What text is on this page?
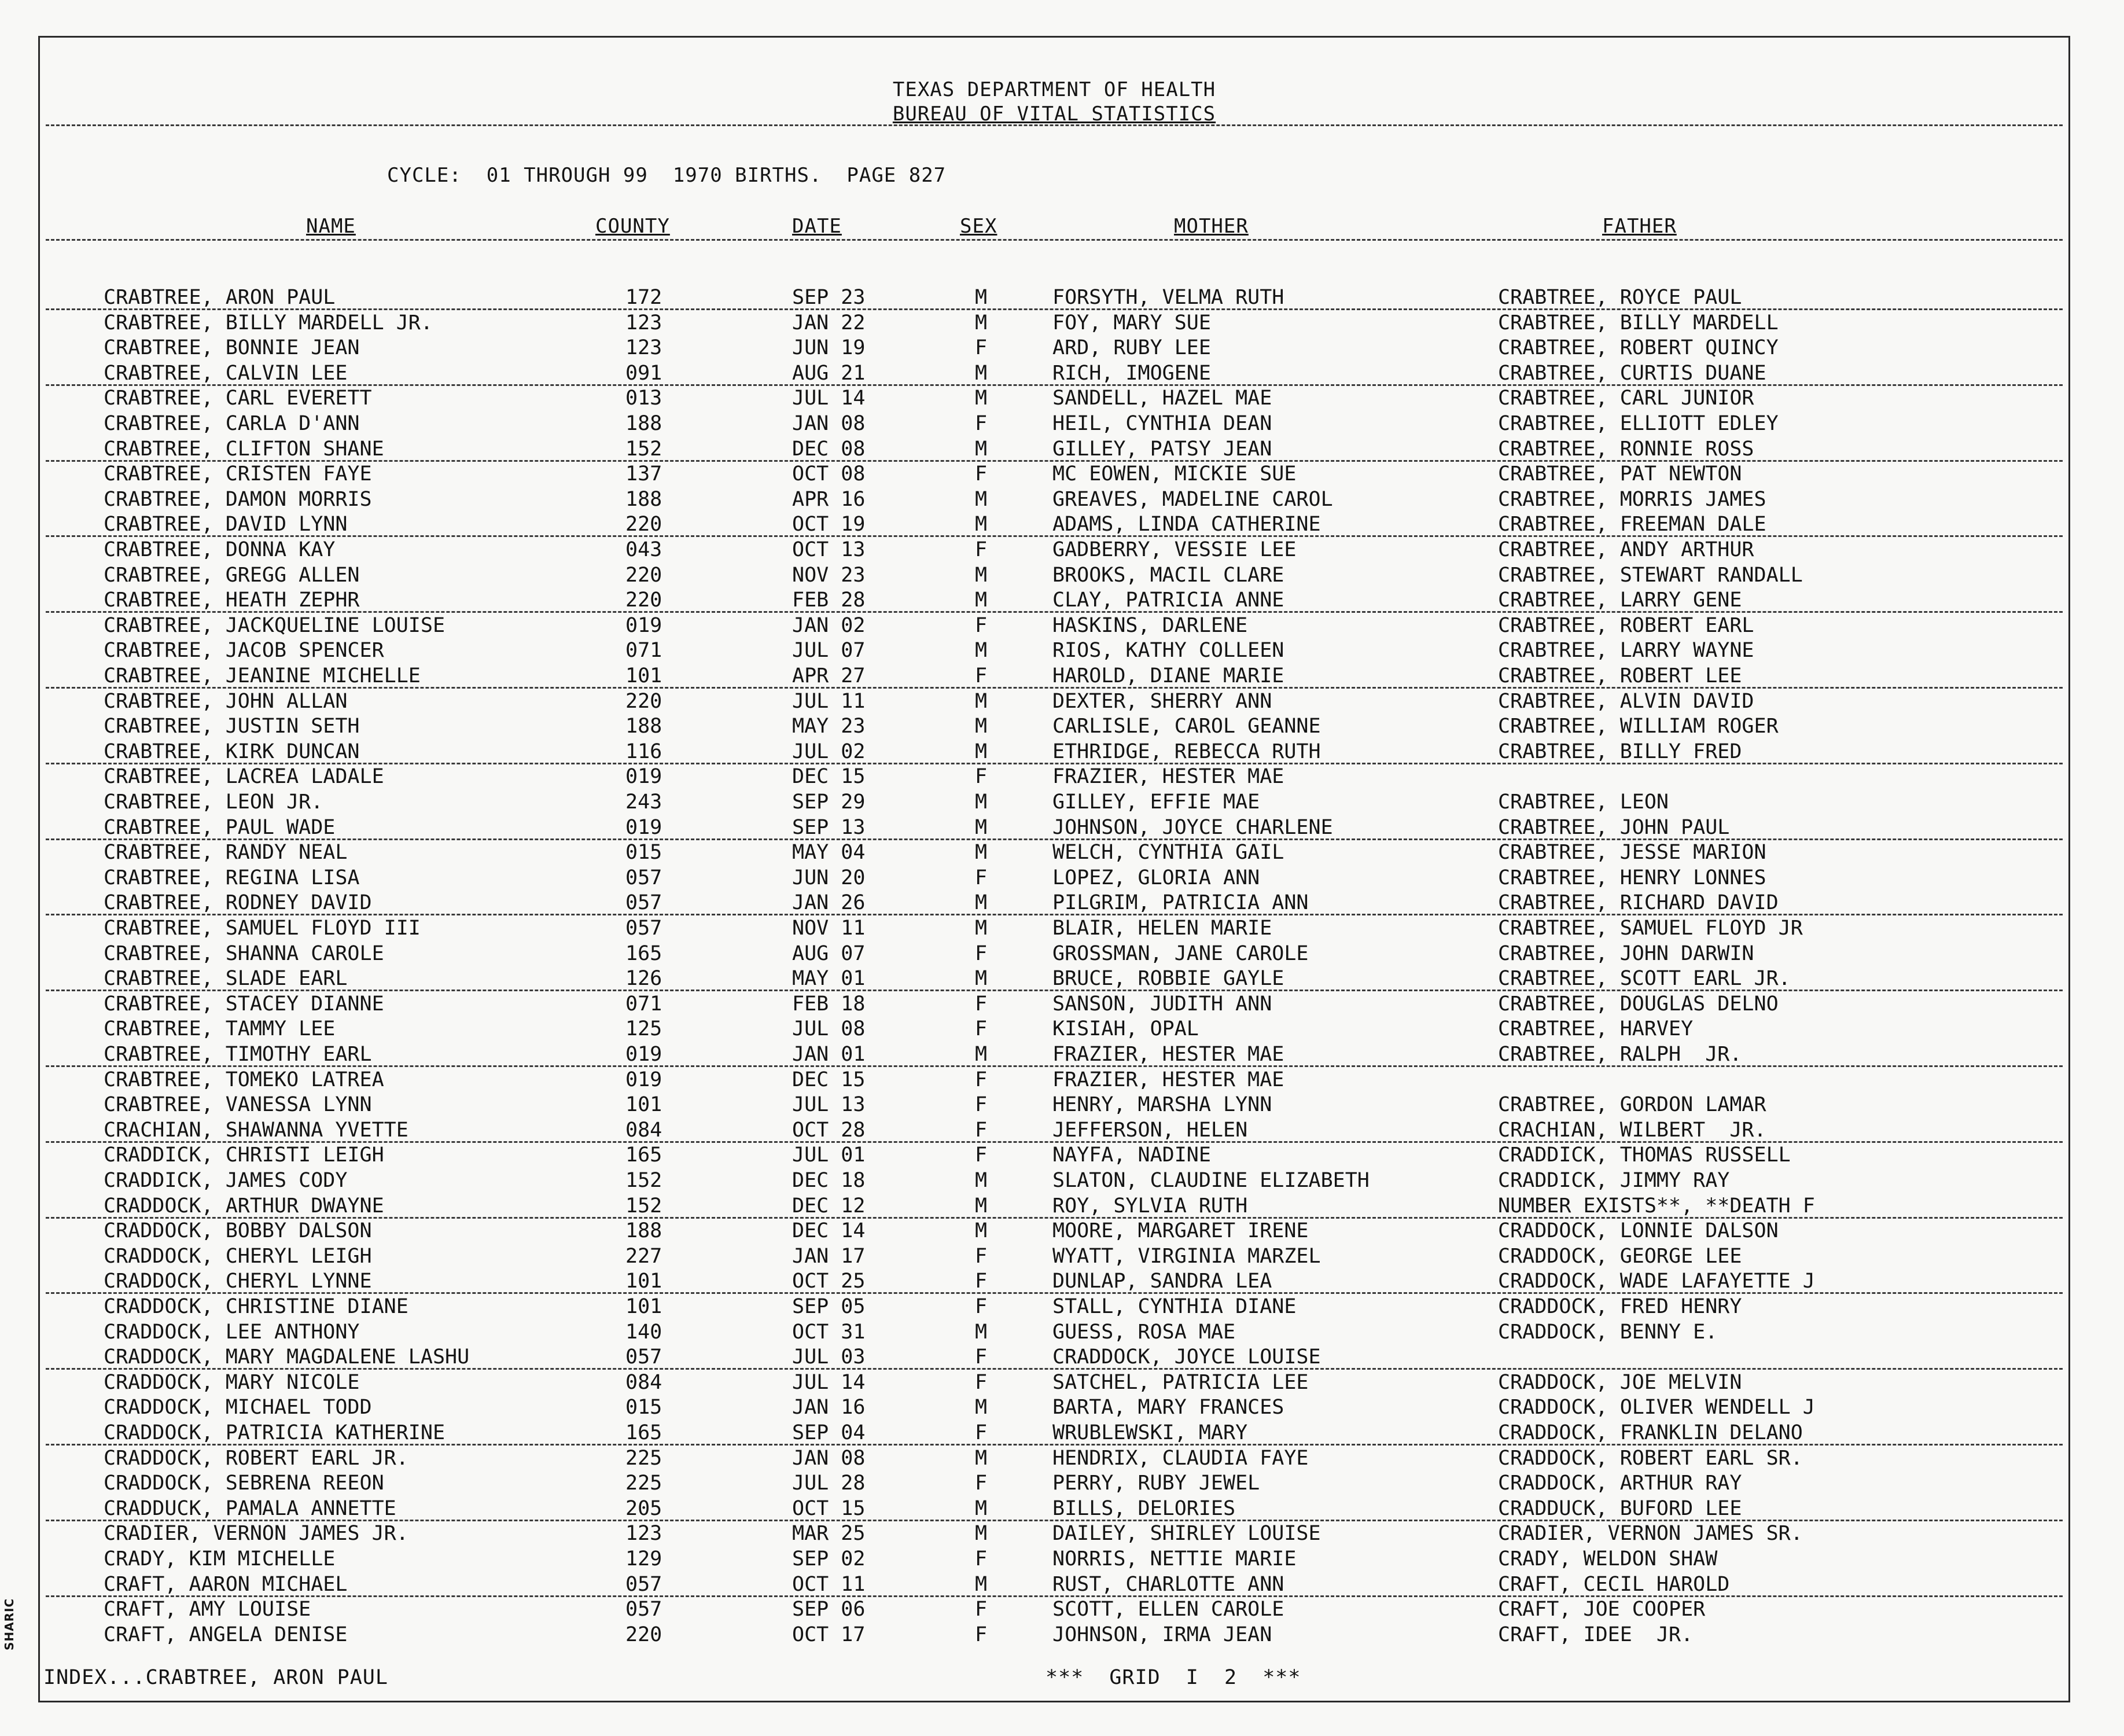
TEXAS DEPARTMENT OF HEALTH
BUREAU OF VITAL STATISTICS
CYCLE:  01 THROUGH 99  1970 BIRTHS.  PAGE 827
NAME	COUNTY	DATE	SEX	MOTHER	FATHER
CRABTREE, ARON PAUL	172	SEP 23	M	FORSYTH, VELMA RUTH	CRABTREE, ROYCE PAUL
CRABTREE, BILLY MARDELL JR.	123	JAN 22	M	FOY, MARY SUE	CRABTREE, BILLY MARDELL
CRABTREE, BONNIE JEAN	123	JUN 19	F	ARD, RUBY LEE	CRABTREE, ROBERT QUINCY
CRABTREE, CALVIN LEE	091	AUG 21	M	RICH, IMOGENE	CRABTREE, CURTIS DUANE
CRABTREE, CARL EVERETT	013	JUL 14	M	SANDELL, HAZEL MAE	CRABTREE, CARL JUNIOR
CRABTREE, CARLA D'ANN	188	JAN 08	F	HEIL, CYNTHIA DEAN	CRABTREE, ELLIOTT EDLEY
CRABTREE, CLIFTON SHANE	152	DEC 08	M	GILLEY, PATSY JEAN	CRABTREE, RONNIE ROSS
CRABTREE, CRISTEN FAYE	137	OCT 08	F	MC EOWEN, MICKIE SUE	CRABTREE, PAT NEWTON
CRABTREE, DAMON MORRIS	188	APR 16	M	GREAVES, MADELINE CAROL	CRABTREE, MORRIS JAMES
CRABTREE, DAVID LYNN	220	OCT 19	M	ADAMS, LINDA CATHERINE	CRABTREE, FREEMAN DALE
CRABTREE, DONNA KAY	043	OCT 13	F	GADBERRY, VESSIE LEE	CRABTREE, ANDY ARTHUR
CRABTREE, GREGG ALLEN	220	NOV 23	M	BROOKS, MACIL CLARE	CRABTREE, STEWART RANDALL
CRABTREE, HEATH ZEPHR	220	FEB 28	M	CLAY, PATRICIA ANNE	CRABTREE, LARRY GENE
CRABTREE, JACKQUELINE LOUISE	019	JAN 02	F	HASKINS, DARLENE	CRABTREE, ROBERT EARL
CRABTREE, JACOB SPENCER	071	JUL 07	M	RIOS, KATHY COLLEEN	CRABTREE, LARRY WAYNE
CRABTREE, JEANINE MICHELLE	101	APR 27	F	HAROLD, DIANE MARIE	CRABTREE, ROBERT LEE
CRABTREE, JOHN ALLAN	220	JUL 11	M	DEXTER, SHERRY ANN	CRABTREE, ALVIN DAVID
CRABTREE, JUSTIN SETH	188	MAY 23	M	CARLISLE, CAROL GEANNE	CRABTREE, WILLIAM ROGER
CRABTREE, KIRK DUNCAN	116	JUL 02	M	ETHRIDGE, REBECCA RUTH	CRABTREE, BILLY FRED
CRABTREE, LACREA LADALE	019	DEC 15	F	FRAZIER, HESTER MAE
CRABTREE, LEON JR.	243	SEP 29	M	GILLEY, EFFIE MAE	CRABTREE, LEON
CRABTREE, PAUL WADE	019	SEP 13	M	JOHNSON, JOYCE CHARLENE	CRABTREE, JOHN PAUL
CRABTREE, RANDY NEAL	015	MAY 04	M	WELCH, CYNTHIA GAIL	CRABTREE, JESSE MARION
CRABTREE, REGINA LISA	057	JUN 20	F	LOPEZ, GLORIA ANN	CRABTREE, HENRY LONNES
CRABTREE, RODNEY DAVID	057	JAN 26	M	PILGRIM, PATRICIA ANN	CRABTREE, RICHARD DAVID
CRABTREE, SAMUEL FLOYD III	057	NOV 11	M	BLAIR, HELEN MARIE	CRABTREE, SAMUEL FLOYD JR
CRABTREE, SHANNA CAROLE	165	AUG 07	F	GROSSMAN, JANE CAROLE	CRABTREE, JOHN DARWIN
CRABTREE, SLADE EARL	126	MAY 01	M	BRUCE, ROBBIE GAYLE	CRABTREE, SCOTT EARL JR.
CRABTREE, STACEY DIANNE	071	FEB 18	F	SANSON, JUDITH ANN	CRABTREE, DOUGLAS DELNO
CRABTREE, TAMMY LEE	125	JUL 08	F	KISIAH, OPAL	CRABTREE, HARVEY
CRABTREE, TIMOTHY EARL	019	JAN 01	M	FRAZIER, HESTER MAE	CRABTREE, RALPH  JR.
CRABTREE, TOMEKO LATREA	019	DEC 15	F	FRAZIER, HESTER MAE
CRABTREE, VANESSA LYNN	101	JUL 13	F	HENRY, MARSHA LYNN	CRABTREE, GORDON LAMAR
CRACHIAN, SHAWANNA YVETTE	084	OCT 28	F	JEFFERSON, HELEN	CRACHIAN, WILBERT  JR.
CRADDICK, CHRISTI LEIGH	165	JUL 01	F	NAYFA, NADINE	CRADDICK, THOMAS RUSSELL
CRADDICK, JAMES CODY	152	DEC 18	M	SLATON, CLAUDINE ELIZABETH	CRADDICK, JIMMY RAY
CRADDOCK, ARTHUR DWAYNE	152	DEC 12	M	ROY, SYLVIA RUTH	NUMBER EXISTS**, **DEATH F
CRADDOCK, BOBBY DALSON	188	DEC 14	M	MOORE, MARGARET IRENE	CRADDOCK, LONNIE DALSON
CRADDOCK, CHERYL LEIGH	227	JAN 17	F	WYATT, VIRGINIA MARZEL	CRADDOCK, GEORGE LEE
CRADDOCK, CHERYL LYNNE	101	OCT 25	F	DUNLAP, SANDRA LEA	CRADDOCK, WADE LAFAYETTE J
CRADDOCK, CHRISTINE DIANE	101	SEP 05	F	STALL, CYNTHIA DIANE	CRADDOCK, FRED HENRY
CRADDOCK, LEE ANTHONY	140	OCT 31	M	GUESS, ROSA MAE	CRADDOCK, BENNY E.
CRADDOCK, MARY MAGDALENE LASHU	057	JUL 03	F	CRADDOCK, JOYCE LOUISE
CRADDOCK, MARY NICOLE	084	JUL 14	F	SATCHEL, PATRICIA LEE	CRADDOCK, JOE MELVIN
CRADDOCK, MICHAEL TODD	015	JAN 16	M	BARTA, MARY FRANCES	CRADDOCK, OLIVER WENDELL J
CRADDOCK, PATRICIA KATHERINE	165	SEP 04	F	WRUBLEWSKI, MARY	CRADDOCK, FRANKLIN DELANO
CRADDOCK, ROBERT EARL JR.	225	JAN 08	M	HENDRIX, CLAUDIA FAYE	CRADDOCK, ROBERT EARL SR.
CRADDOCK, SEBRENA REEON	225	JUL 28	F	PERRY, RUBY JEWEL	CRADDOCK, ARTHUR RAY
CRADDUCK, PAMALA ANNETTE	205	OCT 15	M	BILLS, DELORIES	CRADDUCK, BUFORD LEE
CRADIER, VERNON JAMES JR.	123	MAR 25	M	DAILEY, SHIRLEY LOUISE	CRADIER, VERNON JAMES SR.
CRADY, KIM MICHELLE	129	SEP 02	F	NORRIS, NETTIE MARIE	CRADY, WELDON SHAW
CRAFT, AARON MICHAEL	057	OCT 11	M	RUST, CHARLOTTE ANN	CRAFT, CECIL HAROLD
CRAFT, AMY LOUISE	057	SEP 06	F	SCOTT, ELLEN CAROLE	CRAFT, JOE COOPER
CRAFT, ANGELA DENISE	220	OCT 17	F	JOHNSON, IRMA JEAN	CRAFT, IDEE  JR.
INDEX...CRABTREE, ARON PAUL	***  GRID  I  2  ***
SHARIC
